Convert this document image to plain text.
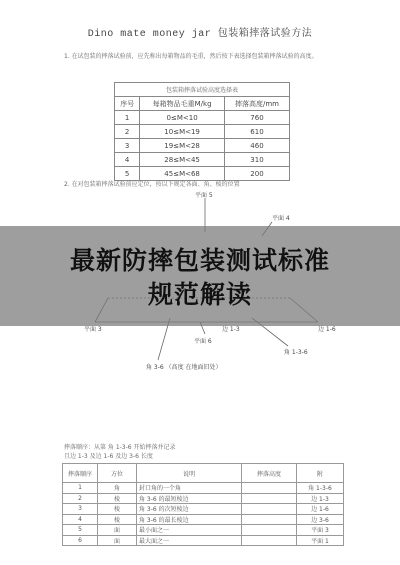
Dino mate money jar 包装箱摔落试验方法
1. 在试包装的摔落试验前，应先称出每箱物品的毛重，然后按下表选择包装箱摔落试验的高度。
包装箱摔落试验高度选择表		
序号	每箱物品毛重M/kg	摔落高度/mm
1	0≤M<10	760
2	10≤M<19	610
3	19≤M<28	460
4	28≤M<45	310
5	45≤M<68	200
2. 在对包装箱摔落试验前应定位，按以下规定各面、角、棱的位置
平面 5
平面 4
平面 3	边 1-3	边 1-6
平面 6
角 1-3-6
角 3-6 （髙度 在地面旧处）
摔落顺序：从第 角 1-3-6 开始摔落并记录
且边 1-3 及边 1-6 及边 3-6 长度
摔落顺序	方位	说明	摔落高度	附
1	角	封口角的一个角		角 1-3-6
2	棱	角 3-6 的最短棱边		边 1-3
3	棱	角 3-6 的次短棱边		边 1-6
4	棱	角 3-6 的最长棱边		边 3-6
5	面	最小面之一		平面 3
6	面	最大面之一		平面 1
最新防摔包装测试标准
规范解读
